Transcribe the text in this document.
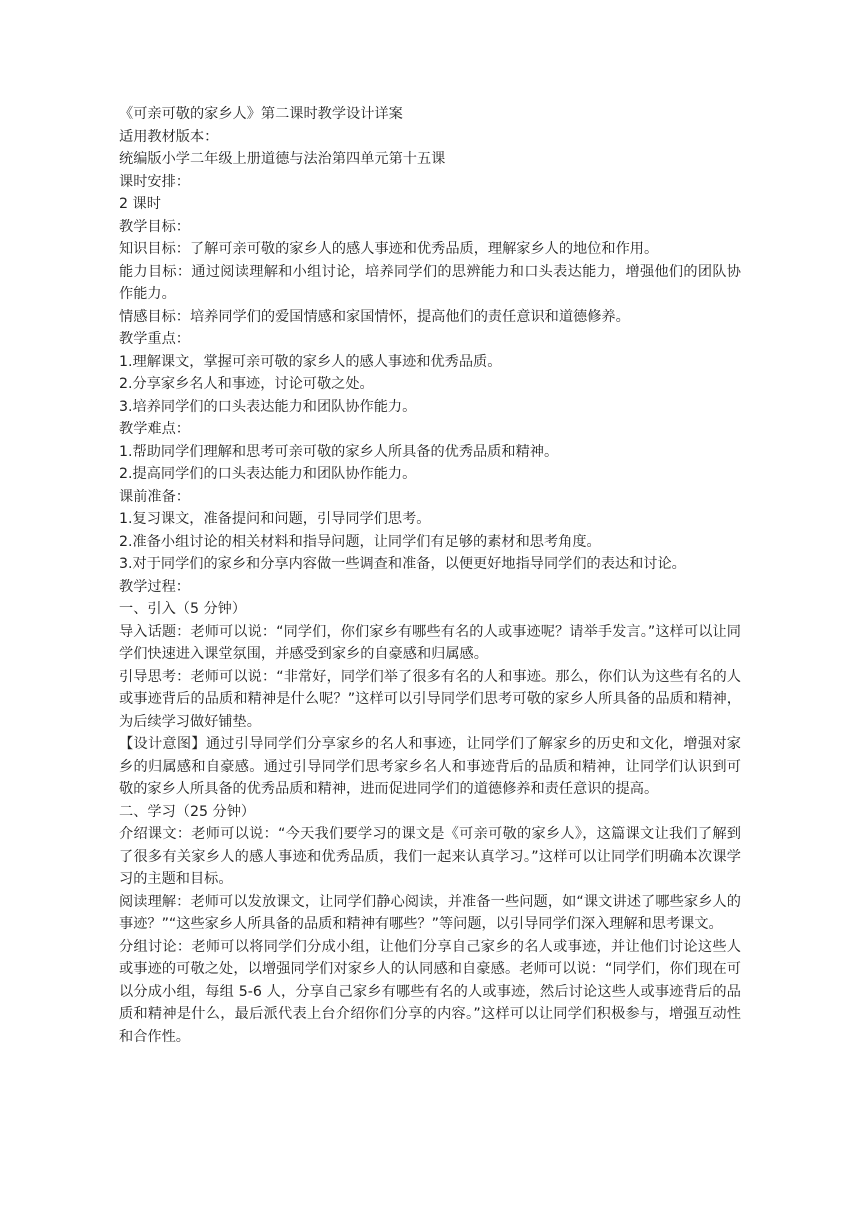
《可亲可敬的家乡人》第二课时教学设计详案

适用教材版本：

统编版小学二年级上册道德与法治第四单元第十五课

课时安排：

2 课时

教学目标：

知识目标：了解可亲可敬的家乡人的感人事迹和优秀品质，理解家乡人的地位和作用。

能力目标：通过阅读理解和小组讨论，培养同学们的思辨能力和口头表达能力，增强他们的团队协作能力。

情感目标：培养同学们的爱国情感和家国情怀，提高他们的责任意识和道德修养。

教学重点：

1.理解课文，掌握可亲可敬的家乡人的感人事迹和优秀品质。

2.分享家乡名人和事迹，讨论可敬之处。

3.培养同学们的口头表达能力和团队协作能力。

教学难点：

1.帮助同学们理解和思考可亲可敬的家乡人所具备的优秀品质和精神。

2.提高同学们的口头表达能力和团队协作能力。

课前准备：

1.复习课文，准备提问和问题，引导同学们思考。

2.准备小组讨论的相关材料和指导问题，让同学们有足够的素材和思考角度。

3.对于同学们的家乡和分享内容做一些调查和准备，以便更好地指导同学们的表达和讨论。

教学过程：

一、引入（5 分钟）

导入话题：老师可以说：“同学们，你们家乡有哪些有名的人或事迹呢？请举手发言。”这样可以让同学们快速进入课堂氛围，并感受到家乡的自豪感和归属感。

引导思考：老师可以说：“非常好，同学们举了很多有名的人和事迹。那么，你们认为这些有名的人或事迹背后的品质和精神是什么呢？”这样可以引导同学们思考可敬的家乡人所具备的品质和精神，为后续学习做好铺垫。

【设计意图】通过引导同学们分享家乡的名人和事迹，让同学们了解家乡的历史和文化，增强对家乡的归属感和自豪感。通过引导同学们思考家乡名人和事迹背后的品质和精神，让同学们认识到可敬的家乡人所具备的优秀品质和精神，进而促进同学们的道德修养和责任意识的提高。

二、学习（25 分钟）

介绍课文：老师可以说：“今天我们要学习的课文是《可亲可敬的家乡人》，这篇课文让我们了解到了很多有关家乡人的感人事迹和优秀品质，我们一起来认真学习。”这样可以让同学们明确本次课学习的主题和目标。

阅读理解：老师可以发放课文，让同学们静心阅读，并准备一些问题，如“课文讲述了哪些家乡人的事迹？”“这些家乡人所具备的品质和精神有哪些？”等问题，以引导同学们深入理解和思考课文。

分组讨论：老师可以将同学们分成小组，让他们分享自己家乡的名人或事迹，并让他们讨论这些人或事迹的可敬之处，以增强同学们对家乡人的认同感和自豪感。老师可以说：“同学们，你们现在可以分成小组，每组 5-6 人，分享自己家乡有哪些有名的人或事迹，然后讨论这些人或事迹背后的品质和精神是什么，最后派代表上台介绍你们分享的内容。”这样可以让同学们积极参与，增强互动性和合作性。
